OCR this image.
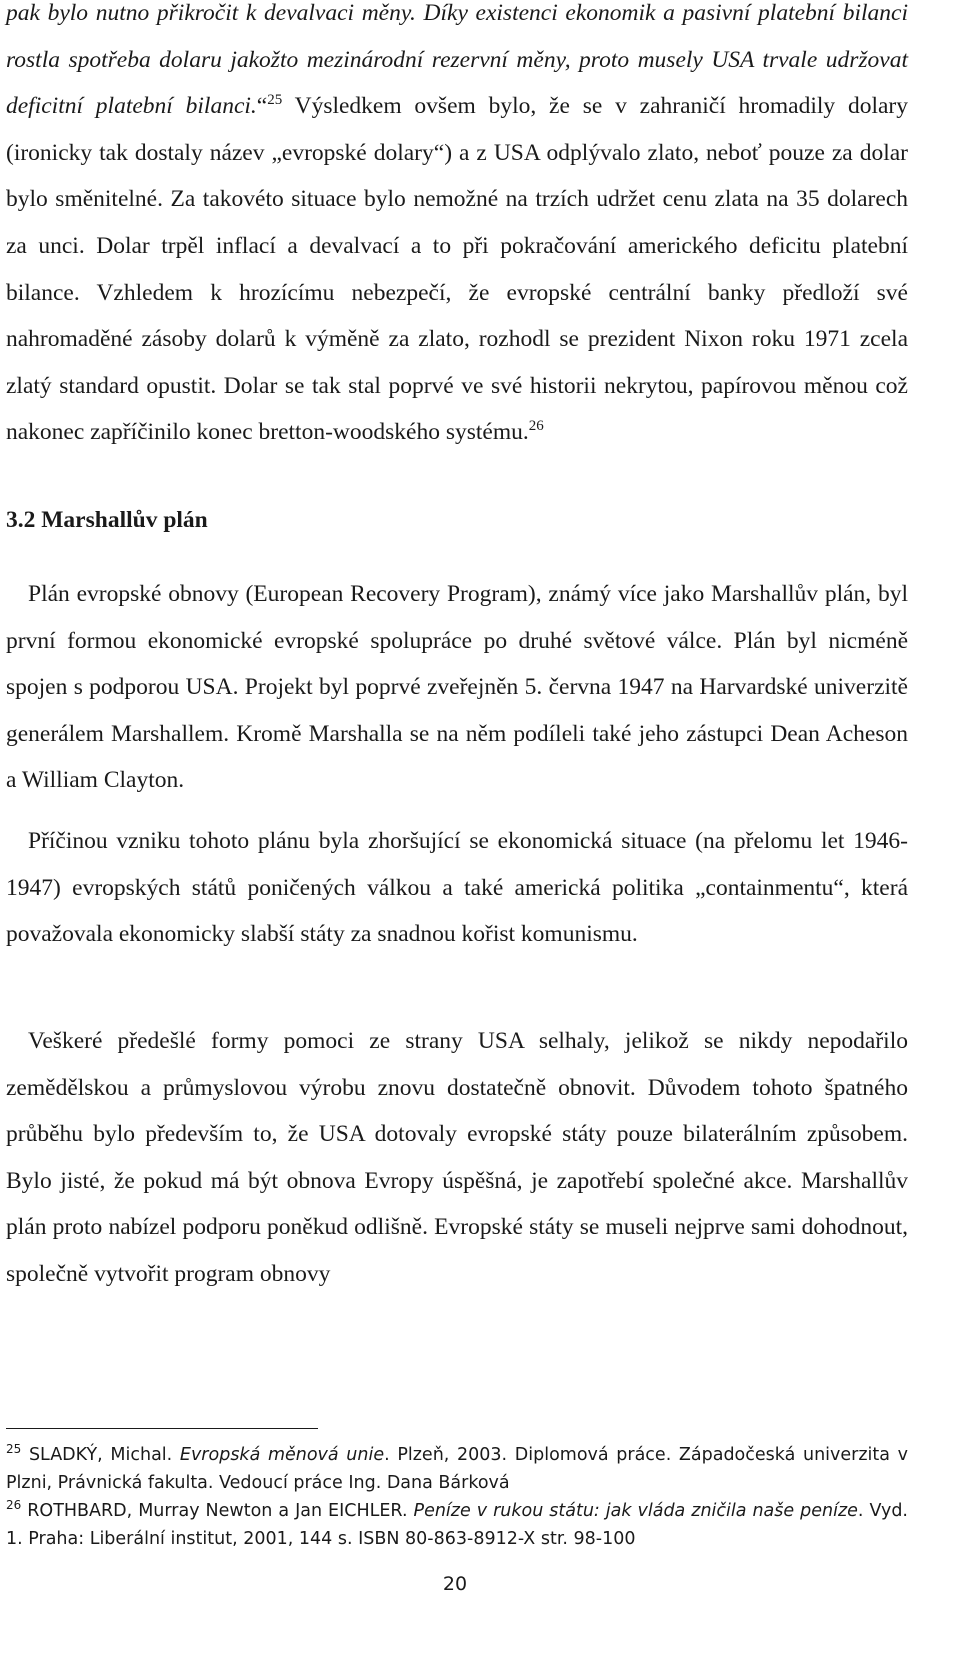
pak bylo nutno přikročit k devalvaci měny. Díky existenci ekonomik a pasivní platební bilanci rostla spotřeba dolaru jakožto mezinárodní rezervní měny, proto musely USA trvale udržovat deficitní platební bilanci.“$^{25}$ Výsledkem ovšem bylo, že se v zahraničí hromadily dolary (ironicky tak dostaly název „evropské dolary“) a z USA odplývalo zlato, neboť pouze za dolar bylo směnitelné. Za takovéto situace bylo nemožné na trzích udržet cenu zlata na 35 dolarech za unci. Dolar trpěl inflací a devalvací a to při pokračování amerického deficitu platební bilance. Vzhledem k hrozícímu nebezpečí, že evropské centrální banky předloží své nahromaděné zásoby dolarů k výměně za zlato, rozhodl se prezident Nixon roku 1971 zcela zlatý standard opustit. Dolar se tak stal poprvé ve své historii nekrytou, papírovou měnou což nakonec zapříčinilo konec bretton-woodského systému.$^{26}$

3.2 Marshallův plán

Plán evropské obnovy (European Recovery Program), známý více jako Marshallův plán, byl první formou ekonomické evropské spolupráce po druhé světové válce. Plán byl nicméně spojen s podporou USA. Projekt byl poprvé zveřejněn 5. června 1947 na Harvardské univerzitě generálem Marshallem. Kromě Marshalla se na něm podíleli také jeho zástupci Dean Acheson a William Clayton.

Příčinou vzniku tohoto plánu byla zhoršující se ekonomická situace (na přelomu let 1946-1947) evropských států poničených válkou a také americká politika „containmentu“, která považovala ekonomicky slabší státy za snadnou kořist komunismu.

Veškeré předešlé formy pomoci ze strany USA selhaly, jelikož se nikdy nepodařilo zemědělskou a průmyslovou výrobu znovu dostatečně obnovit. Důvodem tohoto špatného průběhu bylo především to, že USA dotovaly evropské státy pouze bilaterálním způsobem. Bylo jisté, že pokud má být obnova Evropy úspěšná, je zapotřebí společné akce. Marshallův plán proto nabízel podporu poněkud odlišně. Evropské státy se museli nejprve sami dohodnout, společně vytvořit program obnovy

$^{25}$ SLADKÝ, Michal. Evropská měnová unie. Plzeň, 2003. Diplomová práce. Západočeská univerzita v Plzni, Právnická fakulta. Vedoucí práce Ing. Dana Bárková

$^{26}$ ROTHBARD, Murray Newton a Jan EICHLER. Peníze v rukou státu: jak vláda zničila naše peníze. Vyd. 1. Praha: Liberální institut, 2001, 144 s. ISBN 80-863-8912-X str. 98-100

20
